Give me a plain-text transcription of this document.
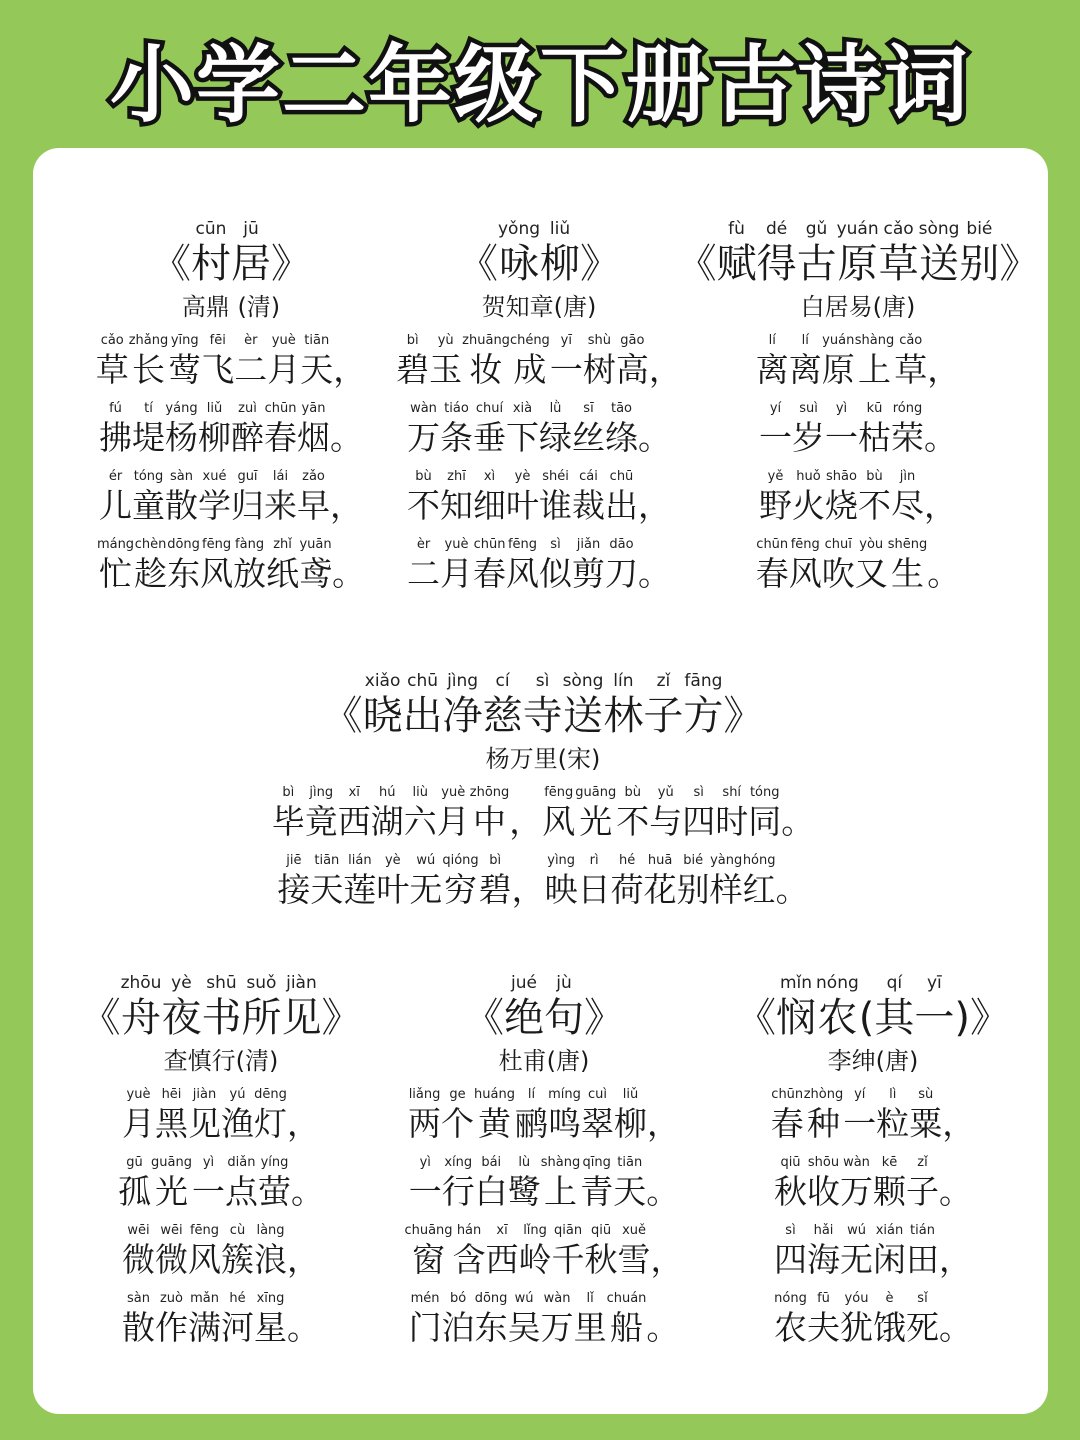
小学二年级下册古诗词
《
cūn
村
jū
居 》
高鼎 (清)
cǎo
草
zhǎng
长
yīng
莺
fēi
飞
èr
二
yuè
月
tiān
天 ，
fú
拂
tí
堤
yáng
杨
liǔ
柳
zuì
醉
chūn
春
yān
烟 。
ér
儿
tóng
童
sàn
散
xué
学
guī
归
lái
来
zǎo
早 ，
máng
忙
chèn
趁
dōng
东
fēng
风
fàng
放
zhǐ
纸
yuān
鸢 。
《
yǒng
咏
liǔ
柳 》
贺知章(唐)
bì
碧
yù
玉
zhuāng
妆
chéng
成
yī
一
shù
树
gāo
高 ，
wàn
万
tiáo
条
chuí
垂
xià
下
lǜ
绿
sī
丝
tāo
绦 。
bù
不
zhī
知
xì
细
yè
叶
shéi
谁
cái
裁
chū
出 ，
èr
二
yuè
月
chūn
春
fēng
风
sì
似
jiǎn
剪
dāo
刀 。
《
fù
赋
dé
得
gǔ
古
yuán
原
cǎo
草
sòng
送
bié
别 》
白居易(唐)
lí
离
lí
离
yuán
原
shàng
上
cǎo
草 ，
yí
一
suì
岁
yì
一
kū
枯
róng
荣 。
yě
野
huǒ
火
shāo
烧
bù
不
jìn
尽 ，
chūn
春
fēng
风
chuī
吹
yòu
又
shēng
生 。
《
xiǎo
晓
chū
出
jìng
净
cí
慈
sì
寺
sòng
送
lín
林
zǐ
子
fāng
方 》
杨万里(宋)
bì
毕
jìng
竟
xī
西
hú
湖
liù
六
yuè
月
zhōng
中 ，
fēng
风
guāng
光
bù
不
yǔ
与
sì
四
shí
时
tóng
同 。
jiē
接
tiān
天
lián
莲
yè
叶
wú
无
qióng
穷
bì
碧 ，
yìng
映
rì
日
hé
荷
huā
花
bié
别
yàng
样
hóng
红 。
《
zhōu
舟
yè
夜
shū
书
suǒ
所
jiàn
见 》
查慎行(清)
yuè
月
hēi
黑
jiàn
见
yú
渔
dēng
灯 ，
gū
孤
guāng
光
yì
一
diǎn
点
yíng
萤 。
wēi
微
wēi
微
fēng
风
cù
簇
làng
浪 ，
sàn
散
zuò
作
mǎn
满
hé
河
xīng
星 。
《
jué
绝
jù
句 》
杜甫(唐)
liǎng
两
ge
个
huáng
黄
lí
鹂
míng
鸣
cuì
翠
liǔ
柳 ，
yì
一
xíng
行
bái
白
lù
鹭
shàng
上
qīng
青
tiān
天 。
chuāng
窗
hán
含
xī
西
lǐng
岭
qiān
千
qiū
秋
xuě
雪 ，
mén
门
bó
泊
dōng
东
wú
吴
wàn
万
lǐ
里
chuán
船 。
《
mǐn
悯
nóng
农 (
qí
其
yī
一 ) 》
李绅(唐)
chūn
春
zhòng
种
yí
一
lì
粒
sù
粟 ，
qiū
秋
shōu
收
wàn
万
kē
颗
zǐ
子 。
sì
四
hǎi
海
wú
无
xián
闲
tián
田 ，
nóng
农
fū
夫
yóu
犹
è
饿
sǐ
死 。
